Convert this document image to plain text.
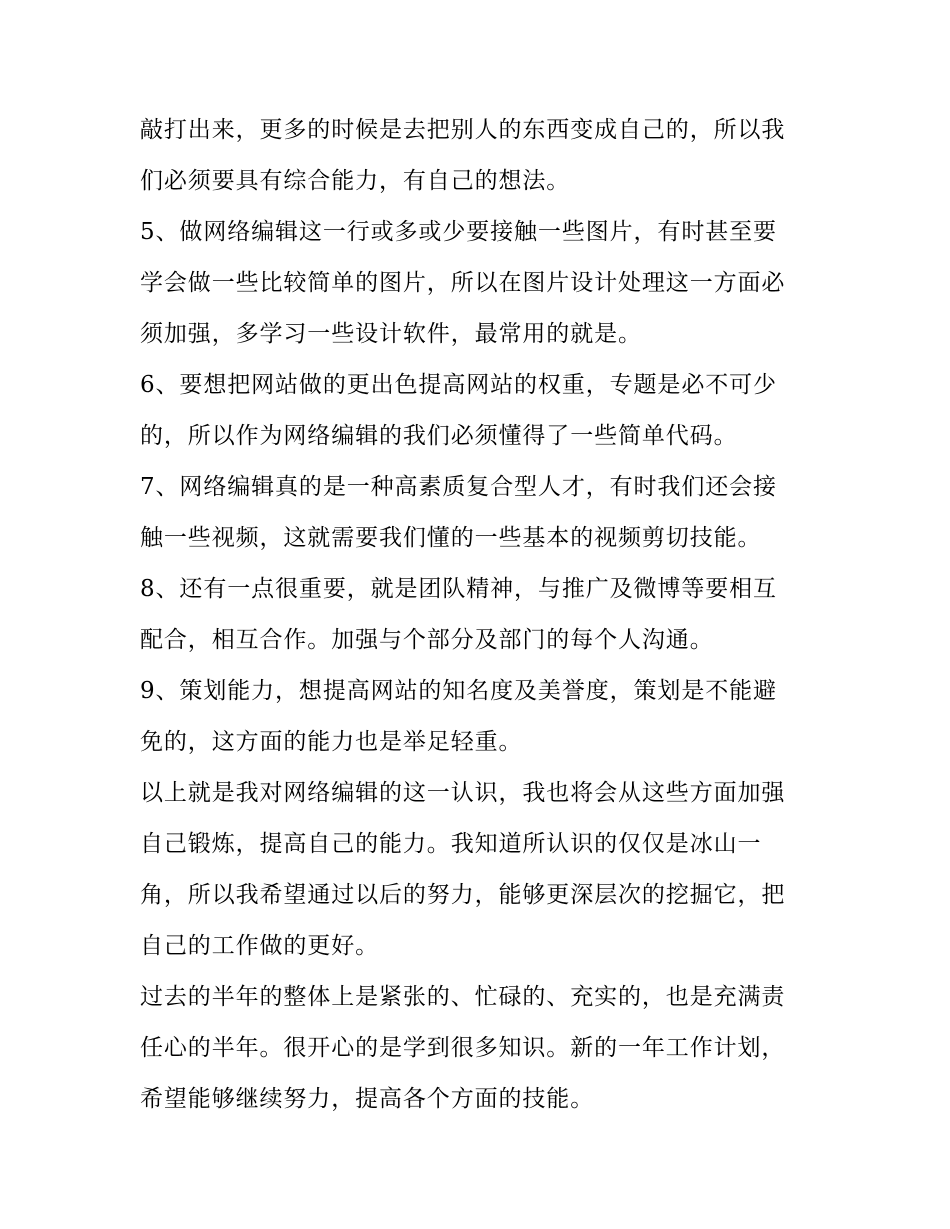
敲打出来，更多的时候是去把别人的东西变成自己的，所以我
们必须要具有综合能力，有自己的想法。
5、做网络编辑这一行或多或少要接触一些图片，有时甚至要
学会做一些比较简单的图片，所以在图片设计处理这一方面必
须加强，多学习一些设计软件，最常用的就是。
6、要想把网站做的更出色提高网站的权重，专题是必不可少
的，所以作为网络编辑的我们必须懂得了一些简单代码。
7、网络编辑真的是一种高素质复合型人才，有时我们还会接
触一些视频，这就需要我们懂的一些基本的视频剪切技能。
8、还有一点很重要，就是团队精神，与推广及微博等要相互
配合，相互合作。加强与个部分及部门的每个人沟通。
9、策划能力，想提高网站的知名度及美誉度，策划是不能避
免的，这方面的能力也是举足轻重。
以上就是我对网络编辑的这一认识，我也将会从这些方面加强
自己锻炼，提高自己的能力。我知道所认识的仅仅是冰山一
角，所以我希望通过以后的努力，能够更深层次的挖掘它，把
自己的工作做的更好。
过去的半年的整体上是紧张的、忙碌的、充实的，也是充满责
任心的半年。很开心的是学到很多知识。新的一年工作计划，
希望能够继续努力，提高各个方面的技能。
